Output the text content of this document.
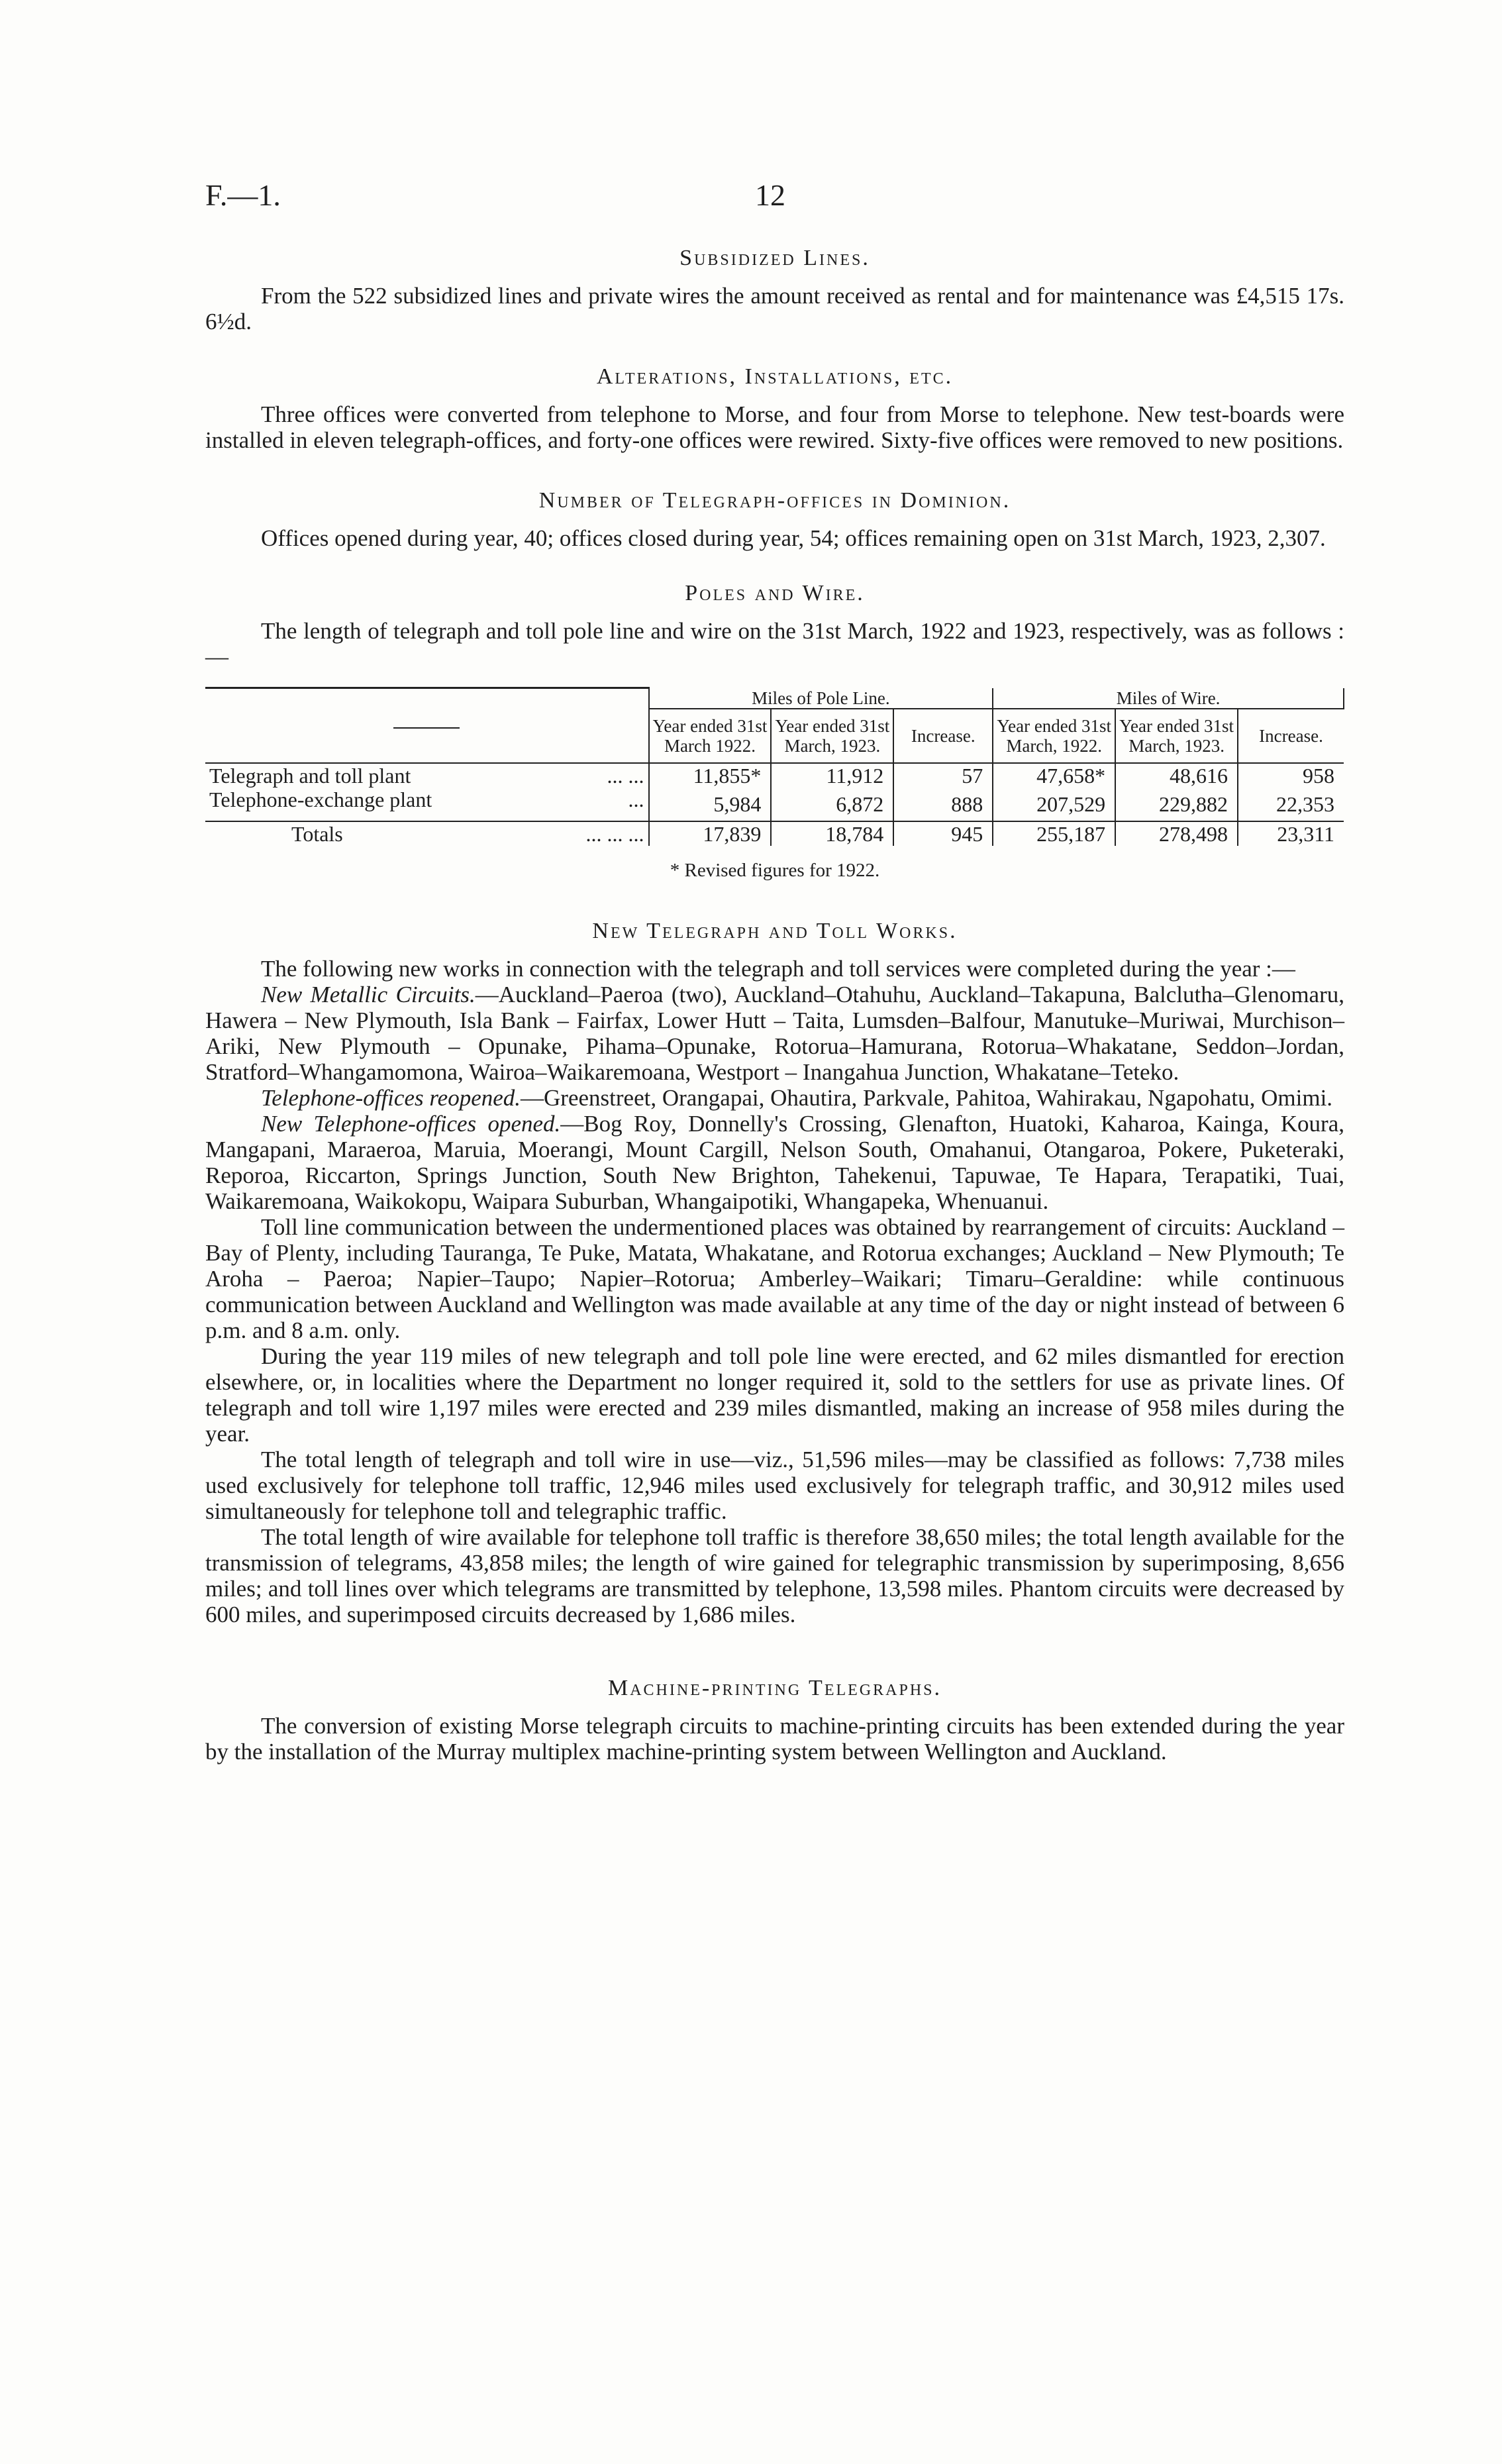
F.—1.	12
Subsidized Lines.

From the 522 subsidized lines and private wires the amount received as rental and for maintenance was £4,515 17s. 6½d.

Alterations, Installations, etc.

Three offices were converted from telephone to Morse, and four from Morse to telephone. New test-boards were installed in eleven telegraph-offices, and forty-one offices were rewired. Sixty-five offices were removed to new positions.

Number of Telegraph-offices in Dominion.

Offices opened during year, 40; offices closed during year, 54; offices remaining open on 31st March, 1923, 2,307.

Poles and Wire.

The length of telegraph and toll pole line and wire on the 31st March, 1922 and 1923, respectively, was as follows :—

	Miles of Pole Line.			Miles of Wire.		
	Year ended 31st March 1922.	Year ended 31st March, 1923.	Increase.	Year ended 31st March, 1922.	Year ended 31st March, 1923.	Increase.
Telegraph and toll plant ... ...	11,855*	11,912	57	47,658*	48,616	958
Telephone-exchange plant ...	5,984	6,872	888	207,529	229,882	22,353
Totals ... ... ...	17,839	18,784	945	255,187	278,498	23,311
* Revised figures for 1922.
New Telegraph and Toll Works.

The following new works in connection with the telegraph and toll services were completed during the year :—

New Metallic Circuits.—Auckland–Paeroa (two), Auckland–Otahuhu, Auckland–Takapuna, Balclutha–Glenomaru, Hawera – New Plymouth, Isla Bank – Fairfax, Lower Hutt – Taita, Lumsden–Balfour, Manutuke–Muriwai, Murchison–Ariki, New Plymouth – Opunake, Pihama–Opunake, Rotorua–Hamurana, Rotorua–Whakatane, Seddon–Jordan, Stratford–Whangamomona, Wairoa–Waikaremoana, Westport – Inangahua Junction, Whakatane–Teteko.

Telephone-offices reopened.—Greenstreet, Orangapai, Ohautira, Parkvale, Pahitoa, Wahirakau, Ngapohatu, Omimi.

New Telephone-offices opened.—Bog Roy, Donnelly's Crossing, Glenafton, Huatoki, Kaharoa, Kainga, Koura, Mangapani, Maraeroa, Maruia, Moerangi, Mount Cargill, Nelson South, Omahanui, Otangaroa, Pokere, Puketeraki, Reporoa, Riccarton, Springs Junction, South New Brighton, Tahekenui, Tapuwae, Te Hapara, Terapatiki, Tuai, Waikaremoana, Waikokopu, Waipara Suburban, Whangaipotiki, Whangapeka, Whenuanui.

Toll line communication between the undermentioned places was obtained by rearrangement of circuits: Auckland – Bay of Plenty, including Tauranga, Te Puke, Matata, Whakatane, and Rotorua exchanges; Auckland – New Plymouth; Te Aroha – Paeroa; Napier–Taupo; Napier–Rotorua; Amberley–Waikari; Timaru–Geraldine: while continuous communication between Auckland and Wellington was made available at any time of the day or night instead of between 6 p.m. and 8 a.m. only.

During the year 119 miles of new telegraph and toll pole line were erected, and 62 miles dismantled for erection elsewhere, or, in localities where the Department no longer required it, sold to the settlers for use as private lines. Of telegraph and toll wire 1,197 miles were erected and 239 miles dismantled, making an increase of 958 miles during the year.

The total length of telegraph and toll wire in use—viz., 51,596 miles—may be classified as follows: 7,738 miles used exclusively for telephone toll traffic, 12,946 miles used exclusively for telegraph traffic, and 30,912 miles used simultaneously for telephone toll and telegraphic traffic.

The total length of wire available for telephone toll traffic is therefore 38,650 miles; the total length available for the transmission of telegrams, 43,858 miles; the length of wire gained for telegraphic transmission by superimposing, 8,656 miles; and toll lines over which telegrams are transmitted by telephone, 13,598 miles. Phantom circuits were decreased by 600 miles, and superimposed circuits decreased by 1,686 miles.

Machine-printing Telegraphs.

The conversion of existing Morse telegraph circuits to machine-printing circuits has been extended during the year by the installation of the Murray multiplex machine-printing system between Wellington and Auckland.
